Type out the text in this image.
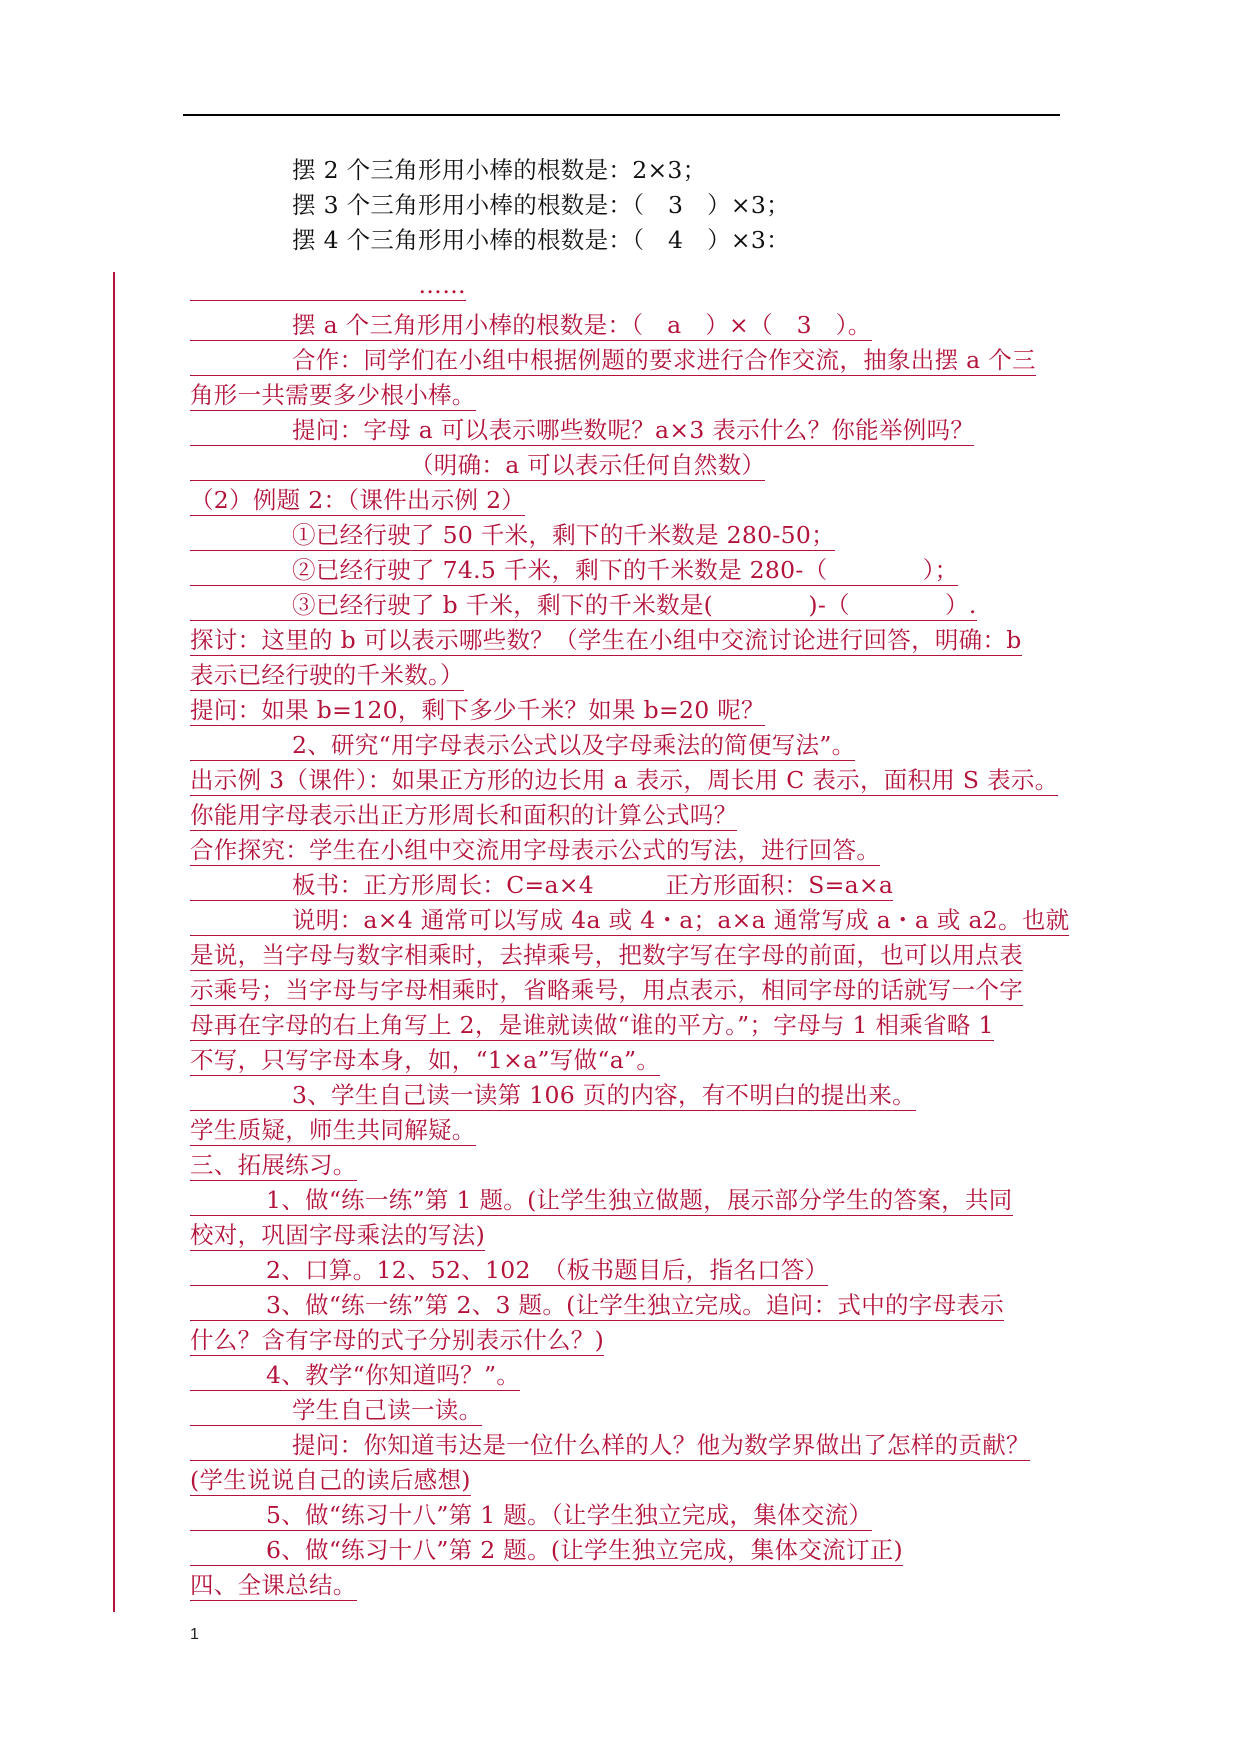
摆 2 个三角形用小棒的根数是：2×3；
摆 3 个三角形用小棒的根数是：（　3　）×3；
摆 4 个三角形用小棒的根数是：（　4　）×3：
……
摆 a 个三角形用小棒的根数是：（　a　）×（　3　）。
合作：同学们在小组中根据例题的要求进行合作交流，抽象出摆 a 个三
角形一共需要多少根小棒。
提问：字母 a 可以表示哪些数呢？a×3 表示什么？你能举例吗？
（明确：a 可以表示任何自然数）
（2）例题 2：（课件出示例 2）
①已经行驶了 50 千米，剩下的千米数是 280-50；
②已经行驶了 74.5 千米，剩下的千米数是 280-（　　　　）；
③已经行驶了 b 千米，剩下的千米数是(　　　　)-（　　　　）.
探讨：这里的 b 可以表示哪些数？（学生在小组中交流讨论进行回答，明确：b
表示已经行驶的千米数。）
提问：如果 b=120，剩下多少千米？如果 b=20 呢？
2、研究“用字母表示公式以及字母乘法的简便写法”。
出示例 3（课件）：如果正方形的边长用 a 表示，周长用 C 表示，面积用 S 表示。
你能用字母表示出正方形周长和面积的计算公式吗？
合作探究：学生在小组中交流用字母表示公式的写法，进行回答。
板书：正方形周长：C=a×4　　　正方形面积：S=a×a
说明：a×4 通常可以写成 4a 或 4・a；a×a 通常写成 a・a 或 a2。也就
是说，当字母与数字相乘时，去掉乘号，把数字写在字母的前面，也可以用点表
示乘号；当字母与字母相乘时，省略乘号，用点表示，相同字母的话就写一个字
母再在字母的右上角写上 2，是谁就读做“谁的平方。”；字母与 1 相乘省略 1
不写，只写字母本身，如，“1×a”写做“a”。
3、学生自己读一读第 106 页的内容，有不明白的提出来。
学生质疑，师生共同解疑。
三、拓展练习。
1、做“练一练”第 1 题。(让学生独立做题，展示部分学生的答案，共同
校对，巩固字母乘法的写法)
2、口算。12、52、102　（板书题目后，指名口答）
3、做“练一练”第 2、3 题。(让学生独立完成。追问：式中的字母表示
什么？含有字母的式子分别表示什么？)
4、教学“你知道吗？”。
学生自己读一读。
提问：你知道韦达是一位什么样的人？他为数学界做出了怎样的贡献？
(学生说说自己的读后感想)
5、做“练习十八”第 1 题。（让学生独立完成，集体交流）
6、做“练习十八”第 2 题。(让学生独立完成，集体交流订正)
四、全课总结。
1
